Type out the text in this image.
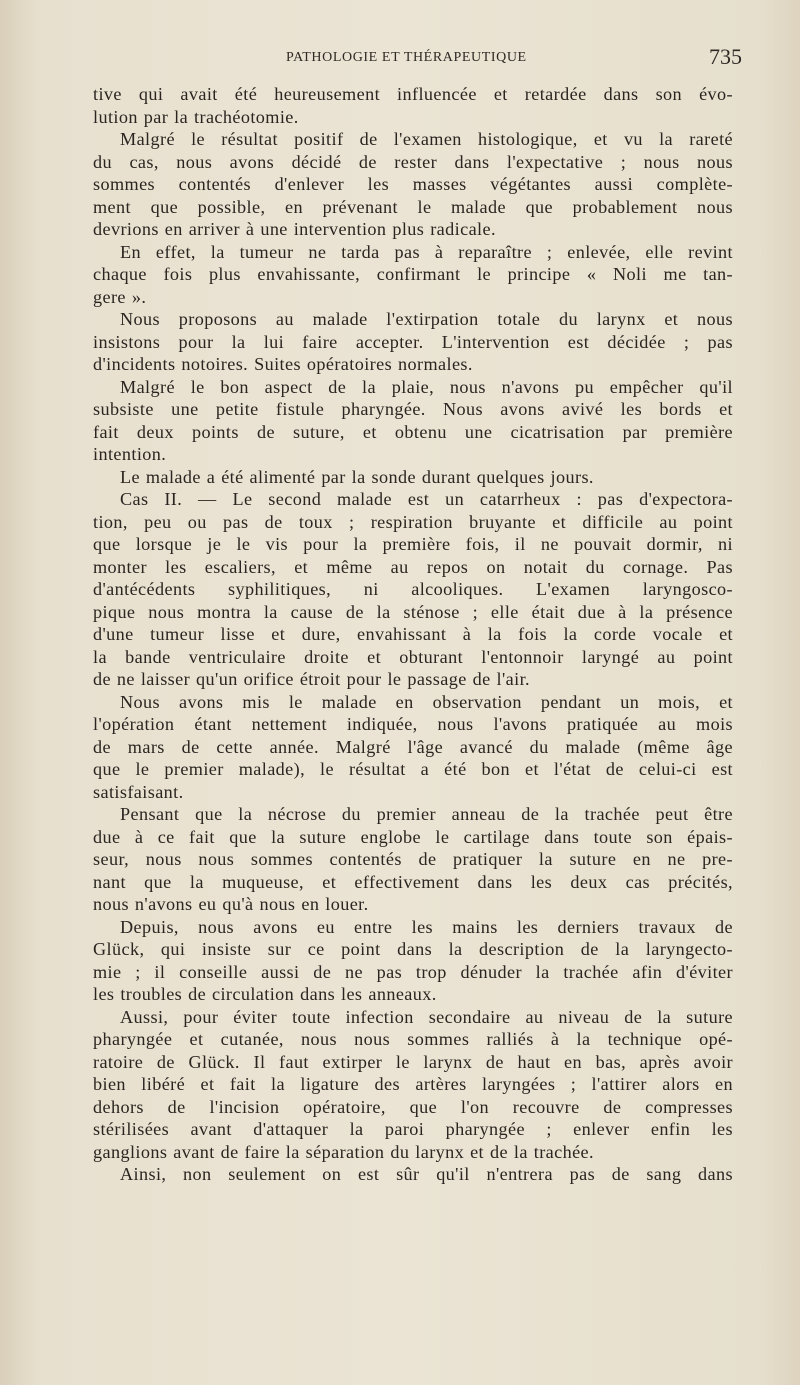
PATHOLOGIE ET THÉRAPEUTIQUE	735
tive qui avait été heureusement influencée et retardée dans son évo-
lution par la trachéotomie.
Malgré le résultat positif de l'examen histologique, et vu la rareté
du cas, nous avons décidé de rester dans l'expectative ; nous nous
sommes contentés d'enlever les masses végétantes aussi complète-
ment que possible, en prévenant le malade que probablement nous
devrions en arriver à une intervention plus radicale.
En effet, la tumeur ne tarda pas à reparaître ; enlevée, elle revint
chaque fois plus envahissante, confirmant le principe « Noli me tan-
gere ».
Nous proposons au malade l'extirpation totale du larynx et nous
insistons pour la lui faire accepter. L'intervention est décidée ; pas
d'incidents notoires. Suites opératoires normales.
Malgré le bon aspect de la plaie, nous n'avons pu empêcher qu'il
subsiste une petite fistule pharyngée. Nous avons avivé les bords et
fait deux points de suture, et obtenu une cicatrisation par première
intention.
Le malade a été alimenté par la sonde durant quelques jours.
Cas II. — Le second malade est un catarrheux : pas d'expectora-
tion, peu ou pas de toux ; respiration bruyante et difficile au point
que lorsque je le vis pour la première fois, il ne pouvait dormir, ni
monter les escaliers, et même au repos on notait du cornage. Pas
d'antécédents syphilitiques, ni alcooliques. L'examen laryngosco-
pique nous montra la cause de la sténose ; elle était due à la présence
d'une tumeur lisse et dure, envahissant à la fois la corde vocale et
la bande ventriculaire droite et obturant l'entonnoir laryngé au point
de ne laisser qu'un orifice étroit pour le passage de l'air.
Nous avons mis le malade en observation pendant un mois, et
l'opération étant nettement indiquée, nous l'avons pratiquée au mois
de mars de cette année. Malgré l'âge avancé du malade (même âge
que le premier malade), le résultat a été bon et l'état de celui-ci est
satisfaisant.
Pensant que la nécrose du premier anneau de la trachée peut être
due à ce fait que la suture englobe le cartilage dans toute son épais-
seur, nous nous sommes contentés de pratiquer la suture en ne pre-
nant que la muqueuse, et effectivement dans les deux cas précités,
nous n'avons eu qu'à nous en louer.
Depuis, nous avons eu entre les mains les derniers travaux de
Glück, qui insiste sur ce point dans la description de la laryngecto-
mie ; il conseille aussi de ne pas trop dénuder la trachée afin d'éviter
les troubles de circulation dans les anneaux.
Aussi, pour éviter toute infection secondaire au niveau de la suture
pharyngée et cutanée, nous nous sommes ralliés à la technique opé-
ratoire de Glück. Il faut extirper le larynx de haut en bas, après avoir
bien libéré et fait la ligature des artères laryngées ; l'attirer alors en
dehors de l'incision opératoire, que l'on recouvre de compresses
stérilisées avant d'attaquer la paroi pharyngée ; enlever enfin les
ganglions avant de faire la séparation du larynx et de la trachée.
Ainsi, non seulement on est sûr qu'il n'entrera pas de sang dans
